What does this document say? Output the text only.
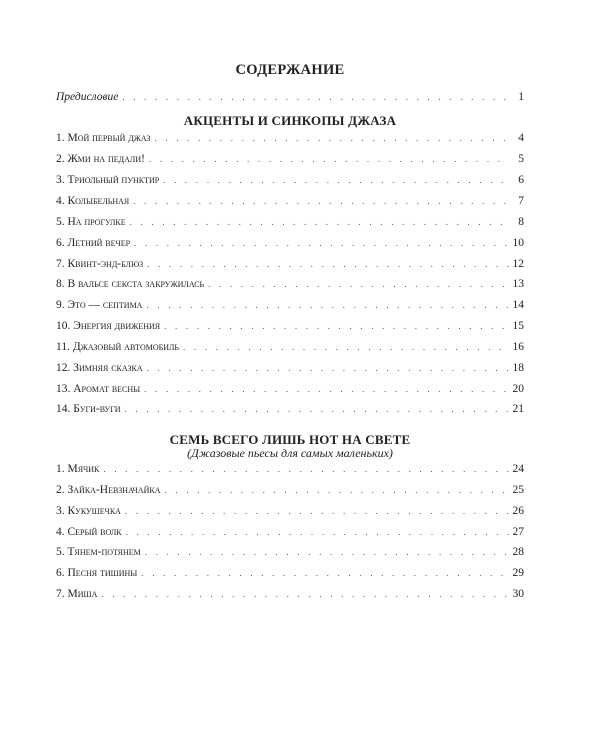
СОДЕРЖАНИЕ
Предисловие . . .	1
АКЦЕНТЫ И СИНКОПЫ ДЖАЗА
1. Мой первый джаз . . .	4
2. Жми на педали! . . .	5
3. Триольный пунктир . . .	6
4. Колыбельная . . .	7
5. На прогулке . . .	8
6. Летний вечер . . .	10
7. Квинт-энд-блюз . . .	12
8. В вальсе секста закружилась . . .	13
9. Это — септима . . .	14
10. Энергия движения . . .	15
11. Джазовый автомобиль . . .	16
12. Зимняя сказка . . .	18
13. Аромат весны . . .	20
14. Буги-вуги . . .	21
СЕМЬ ВСЕГО ЛИШЬ НОТ НА СВЕТЕ
(Джазовые пьесы для самых маленьких)
1. Мячик . . .	24
2. Зайка-Невзначайка . . .	25
3. Кукушечка . . .	26
4. Серый волк . . .	27
5. Тянем-потянем . . .	28
6. Песня тишины . . .	29
7. Миша . . .	30
